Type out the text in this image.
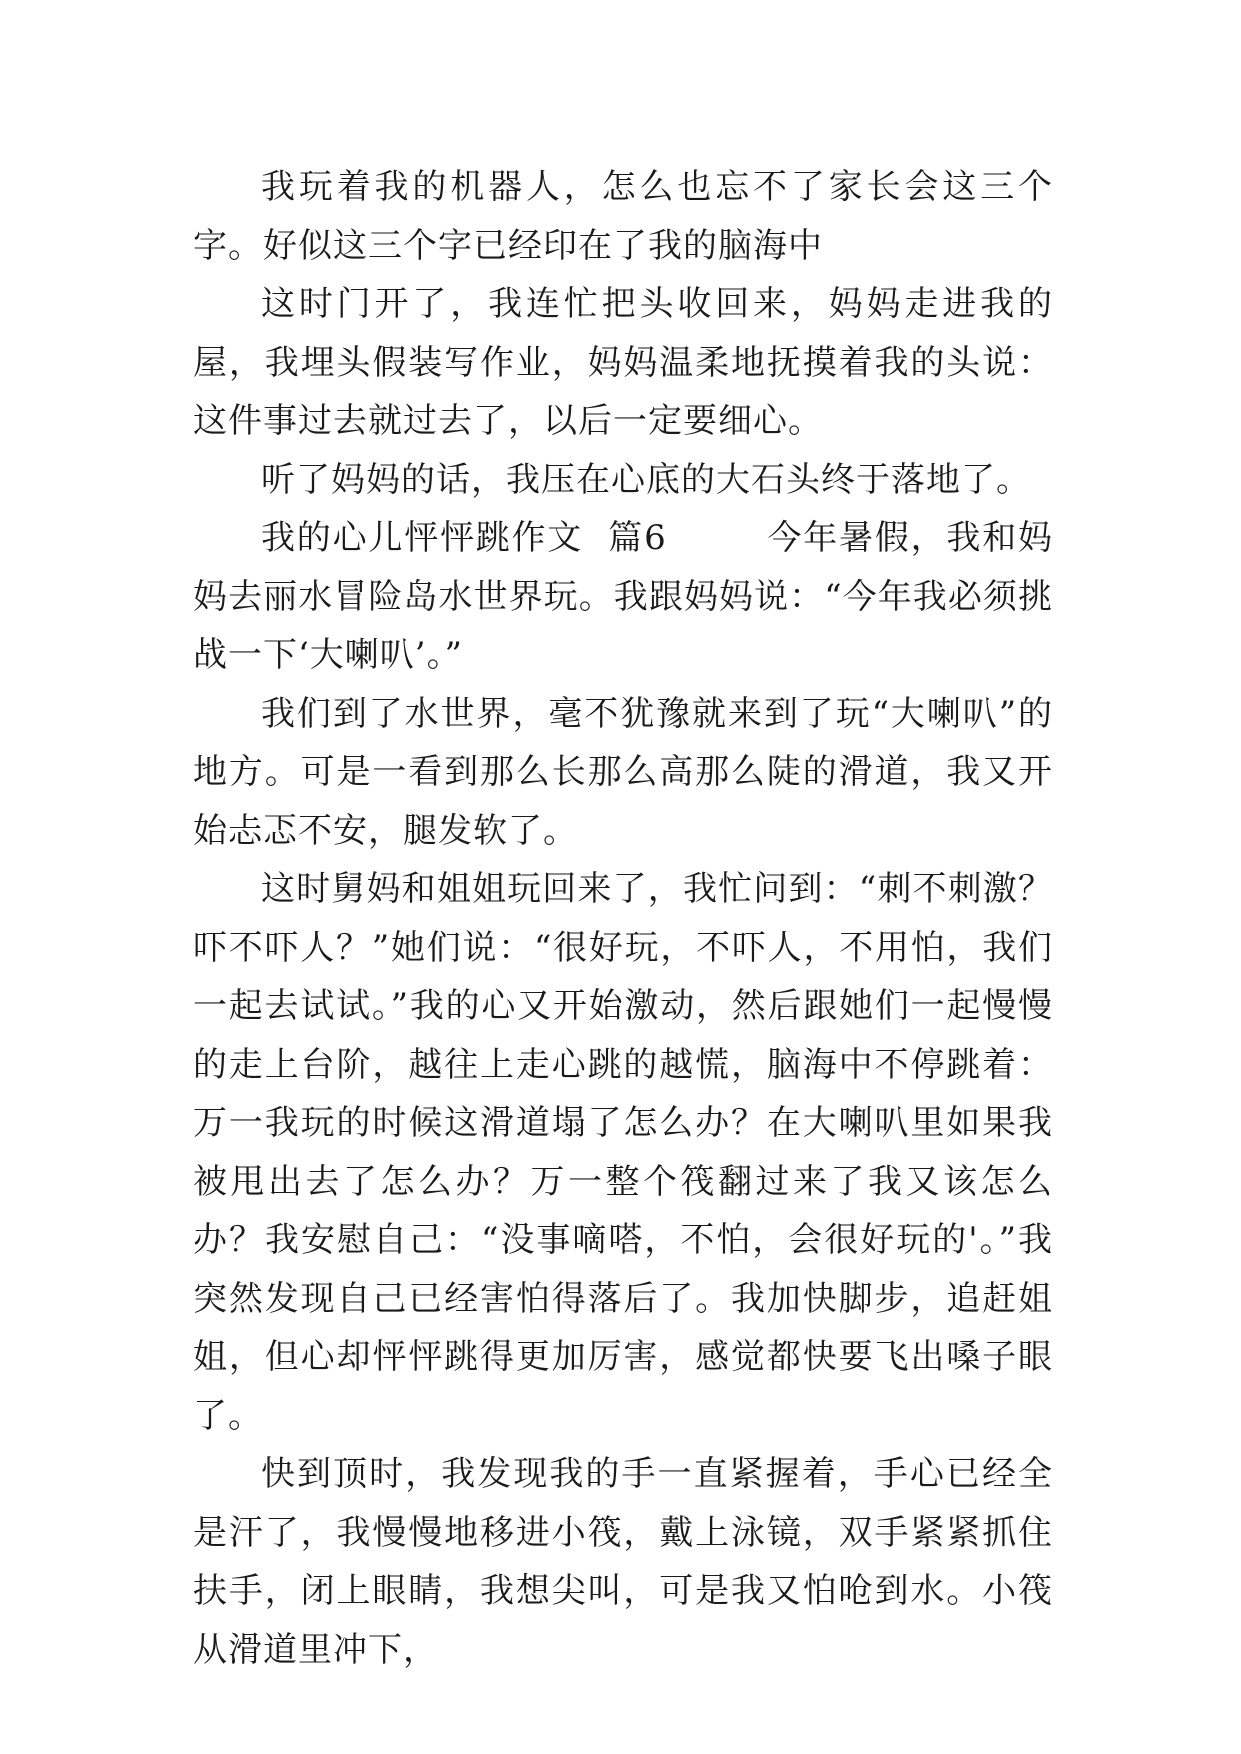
我玩着我的机器人，怎么也忘不了家长会这三个字。好似这三个字已经印在了我的脑海中

这时门开了，我连忙把头收回来，妈妈走进我的屋，我埋头假装写作业，妈妈温柔地抚摸着我的头说：这件事过去就过去了，以后一定要细心。

听了妈妈的话，我压在心底的大石头终于落地了。

我的心儿怦怦跳作文  篇6        今年暑假，我和妈妈去丽水冒险岛水世界玩。我跟妈妈说：“今年我必须挑战一下‘大喇叭’。”

我们到了水世界，毫不犹豫就来到了玩“大喇叭”的地方。可是一看到那么长那么高那么陡的滑道，我又开始忐忑不安，腿发软了。

这时舅妈和姐姐玩回来了，我忙问到：“刺不刺激？吓不吓人？”她们说：“很好玩，不吓人，不用怕，我们一起去试试。”我的心又开始激动，然后跟她们一起慢慢的走上台阶，越往上走心跳的越慌，脑海中不停跳着：万一我玩的时候这滑道塌了怎么办？在大喇叭里如果我被甩出去了怎么办？万一整个筏翻过来了我又该怎么办？我安慰自己：“没事嘀嗒，不怕，会很好玩的'。”我突然发现自己已经害怕得落后了。我加快脚步，追赶姐姐，但心却怦怦跳得更加厉害，感觉都快要飞出嗓子眼了。

快到顶时，我发现我的手一直紧握着，手心已经全是汗了，我慢慢地移进小筏，戴上泳镜，双手紧紧抓住扶手，闭上眼睛，我想尖叫，可是我又怕呛到水。小筏从滑道里冲下，
